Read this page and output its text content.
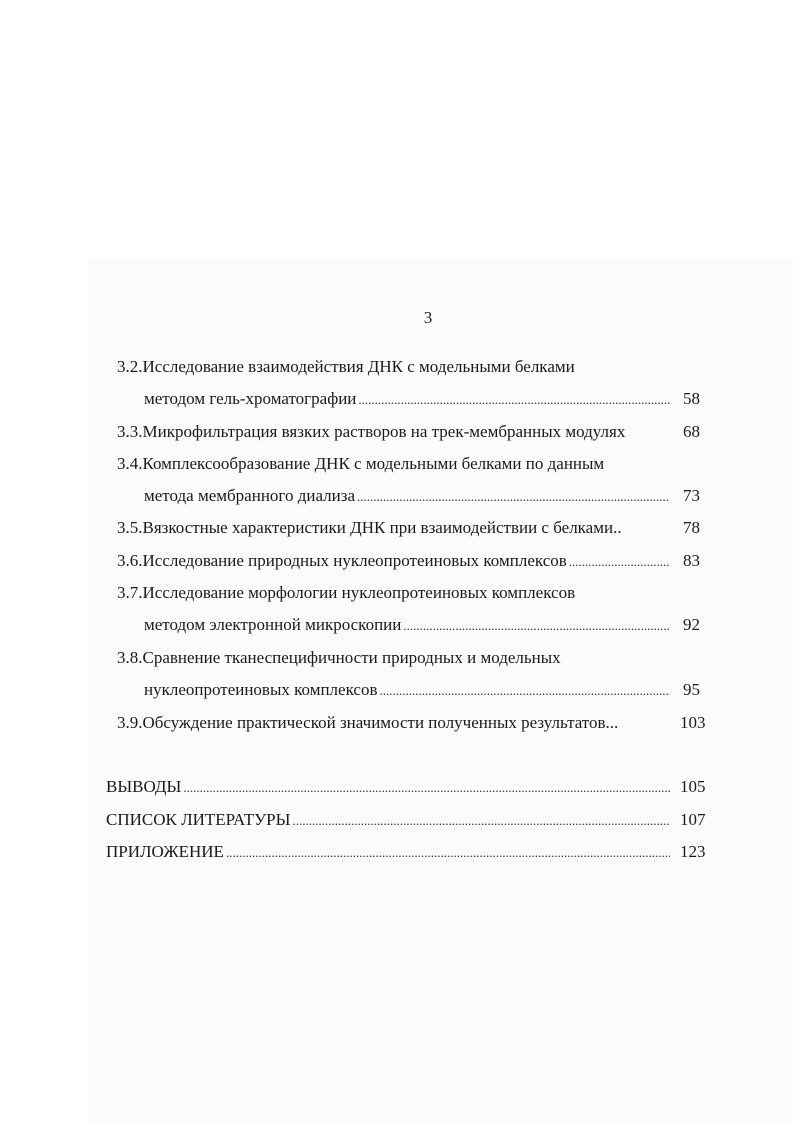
3
3.2.Исследование взаимодействия ДНК с модельными белками
методом гель-хроматографии .....	58
3.3.Микрофильтрация вязких растворов на трек-мембранных модулях	68
3.4.Комплексообразование ДНК с модельными белками по данным
метода мембранного диализа .....	73
3.5.Вязкостные характеристики ДНК при взаимодействии с белками..	78
3.6.Исследование природных нуклеопротеиновых комплексов .....	83
3.7.Исследование морфологии нуклеопротеиновых комплексов
методом электронной микроскопии .....	92
3.8.Сравнение тканеспецифичности природных и модельных
нуклеопротеиновых комплексов .....	95
3.9.Обсуждение практической значимости полученных результатов...	103
ВЫВОДЫ .....	105
СПИСОК ЛИТЕРАТУРЫ .....	107
ПРИЛОЖЕНИЕ .....	123
